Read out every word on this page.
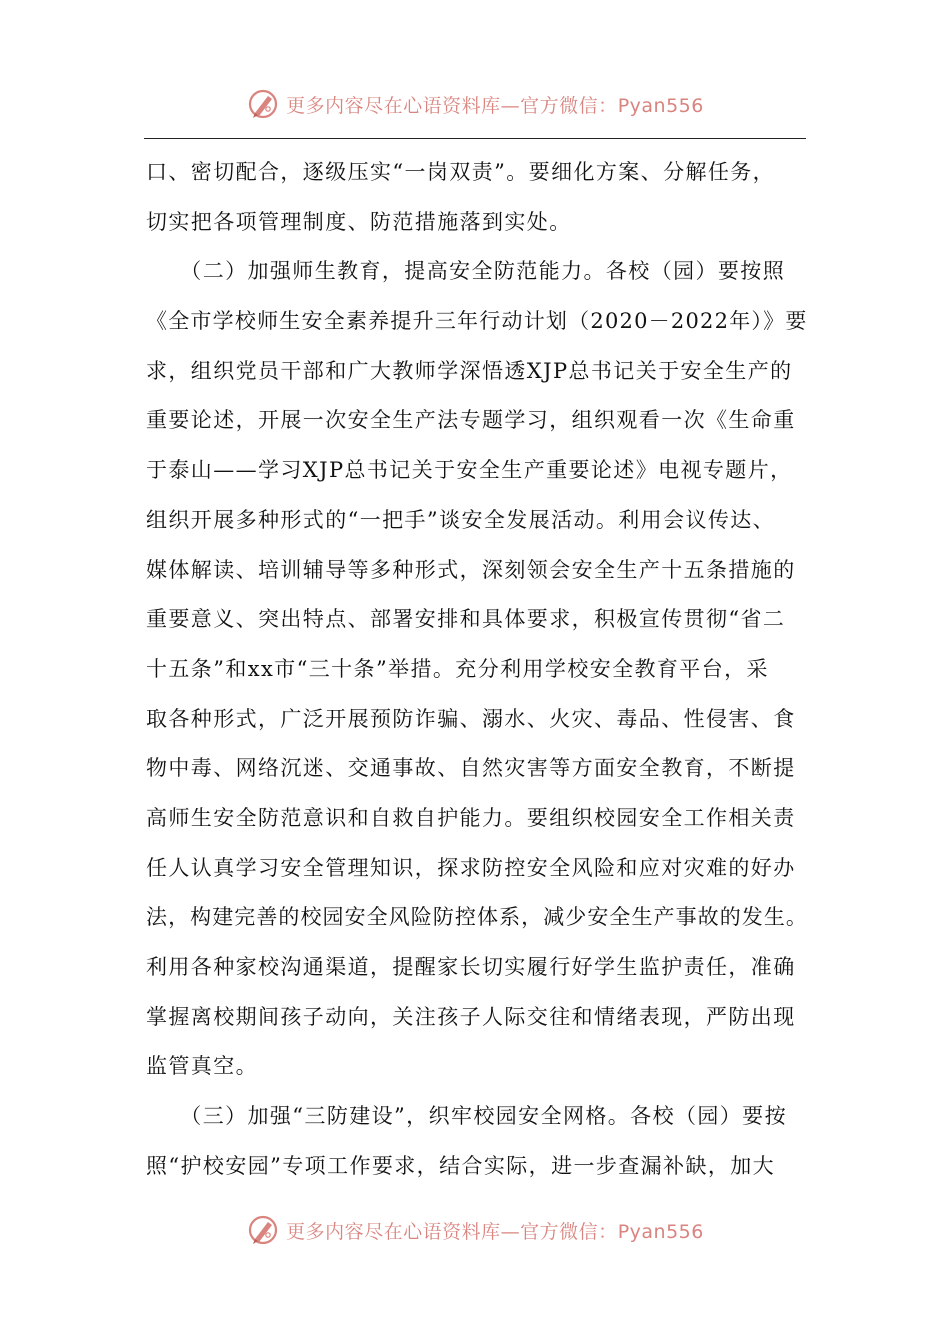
更多内容尽在心语资料库—官方微信：Pyan556
口、密切配合，逐级压实“一岗双责”。要细化方案、分解任务，
切实把各项管理制度、防范措施落到实处。
　　（二）加强师生教育，提高安全防范能力。各校（园）要按照
《全市学校师生安全素养提升三年行动计划（2020－2022年）》要
求，组织党员干部和广大教师学深悟透XJP总书记关于安全生产的
重要论述，开展一次安全生产法专题学习，组织观看一次《生命重
于泰山——学习XJP总书记关于安全生产重要论述》电视专题片，
组织开展多种形式的“一把手”谈安全发展活动。利用会议传达、
媒体解读、培训辅导等多种形式，深刻领会安全生产十五条措施的
重要意义、突出特点、部署安排和具体要求，积极宣传贯彻“省二
十五条”和xx市“三十条”举措。充分利用学校安全教育平台，采
取各种形式，广泛开展预防诈骗、溺水、火灾、毒品、性侵害、食
物中毒、网络沉迷、交通事故、自然灾害等方面安全教育，不断提
高师生安全防范意识和自救自护能力。要组织校园安全工作相关责
任人认真学习安全管理知识，探求防控安全风险和应对灾难的好办
法，构建完善的校园安全风险防控体系，减少安全生产事故的发生。
利用各种家校沟通渠道，提醒家长切实履行好学生监护责任，准确
掌握离校期间孩子动向，关注孩子人际交往和情绪表现，严防出现
监管真空。
　　（三）加强“三防建设”，织牢校园安全网格。各校（园）要按
照“护校安园”专项工作要求，结合实际，进一步查漏补缺，加大
更多内容尽在心语资料库—官方微信：Pyan556
